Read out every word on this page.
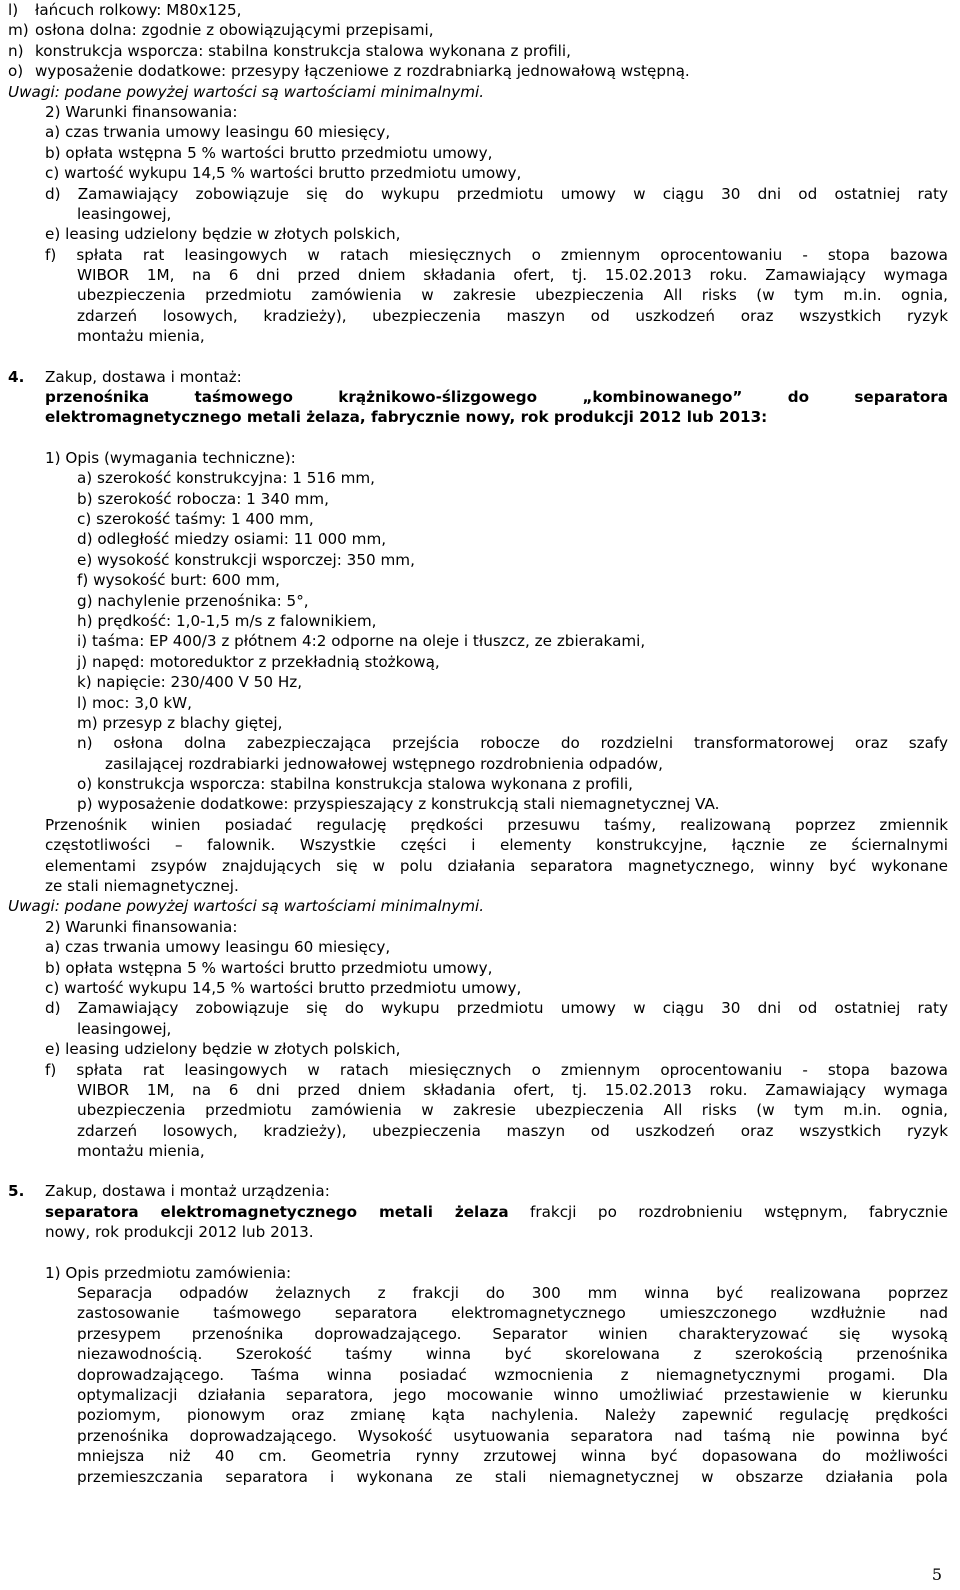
l) łańcuch rolkowy: M80x125,
m) osłona dolna: zgodnie z obowiązującymi przepisami,
n) konstrukcja wsporcza: stabilna konstrukcja stalowa wykonana z profili,
o) wyposażenie dodatkowe: przesypy łączeniowe z rozdrabniarką jednowałową wstępną.
Uwagi: podane powyżej wartości są wartościami minimalnymi.
2) Warunki finansowania:
a) czas trwania umowy leasingu 60 miesięcy,
b) opłata wstępna 5 % wartości brutto przedmiotu umowy,
c) wartość wykupu 14,5 % wartości brutto przedmiotu umowy,
d) Zamawiający zobowiązuje się do wykupu przedmiotu umowy w ciągu 30 dni od ostatniej raty
leasingowej,
e) leasing udzielony będzie w złotych polskich,
f) spłata rat leasingowych w ratach miesięcznych o zmiennym oprocentowaniu - stopa bazowa
WIBOR 1M, na 6 dni przed dniem składania ofert, tj. 15.02.2013 roku. Zamawiający wymaga
ubezpieczenia przedmiotu zamówienia w zakresie ubezpieczenia All risks (w tym m.in. ognia,
zdarzeń losowych, kradzieży), ubezpieczenia maszyn od uszkodzeń oraz wszystkich ryzyk
montażu mienia,
4. Zakup, dostawa i montaż:
przenośnika taśmowego krążnikowo-ślizgowego „kombinowanego” do separatora
elektromagnetycznego metali żelaza, fabrycznie nowy, rok produkcji 2012 lub 2013:
1) Opis (wymagania techniczne):
a) szerokość konstrukcyjna: 1 516 mm,
b) szerokość robocza: 1 340 mm,
c) szerokość taśmy: 1 400 mm,
d) odległość miedzy osiami: 11 000 mm,
e) wysokość konstrukcji wsporczej: 350 mm,
f) wysokość burt: 600 mm,
g) nachylenie przenośnika: 5°,
h) prędkość: 1,0-1,5 m/s z falownikiem,
i) taśma: EP 400/3 z płótnem 4:2 odporne na oleje i tłuszcz, ze zbierakami,
j) napęd: motoreduktor z przekładnią stożkową,
k) napięcie: 230/400 V 50 Hz,
l) moc: 3,0 kW,
m) przesyp z blachy giętej,
n) osłona dolna zabezpieczająca przejścia robocze do rozdzielni transformatorowej oraz szafy
zasilającej rozdrabiarki jednowałowej wstępnego rozdrobnienia odpadów,
o) konstrukcja wsporcza: stabilna konstrukcja stalowa wykonana z profili,
p) wyposażenie dodatkowe: przyspieszający z konstrukcją stali niemagnetycznej VA.
Przenośnik winien posiadać regulację prędkości przesuwu taśmy, realizowaną poprzez zmiennik
częstotliwości – falownik. Wszystkie części i elementy konstrukcyjne, łącznie ze ściernalnymi
elementami zsypów znajdujących się w polu działania separatora magnetycznego, winny być wykonane
ze stali niemagnetycznej.
Uwagi: podane powyżej wartości są wartościami minimalnymi.
2) Warunki finansowania:
a) czas trwania umowy leasingu 60 miesięcy,
b) opłata wstępna 5 % wartości brutto przedmiotu umowy,
c) wartość wykupu 14,5 % wartości brutto przedmiotu umowy,
d) Zamawiający zobowiązuje się do wykupu przedmiotu umowy w ciągu 30 dni od ostatniej raty
leasingowej,
e) leasing udzielony będzie w złotych polskich,
f) spłata rat leasingowych w ratach miesięcznych o zmiennym oprocentowaniu - stopa bazowa
WIBOR 1M, na 6 dni przed dniem składania ofert, tj. 15.02.2013 roku. Zamawiający wymaga
ubezpieczenia przedmiotu zamówienia w zakresie ubezpieczenia All risks (w tym m.in. ognia,
zdarzeń losowych, kradzieży), ubezpieczenia maszyn od uszkodzeń oraz wszystkich ryzyk
montażu mienia,
5. Zakup, dostawa i montaż urządzenia:
separatora elektromagnetycznego metali żelaza frakcji po rozdrobnieniu wstępnym, fabrycznie
nowy, rok produkcji 2012 lub 2013.
1) Opis przedmiotu zamówienia:
Separacja odpadów żelaznych z frakcji do 300 mm winna być realizowana poprzez
zastosowanie taśmowego separatora elektromagnetycznego umieszczonego wzdłużnie nad
przesypem przenośnika doprowadzającego. Separator winien charakteryzować się wysoką
niezawodnością. Szerokość taśmy winna być skorelowana z szerokością przenośnika
doprowadzającego. Taśma winna posiadać wzmocnienia z niemagnetycznymi progami. Dla
optymalizacji działania separatora, jego mocowanie winno umożliwiać przestawienie w kierunku
poziomym, pionowym oraz zmianę kąta nachylenia. Należy zapewnić regulację prędkości
przenośnika doprowadzającego. Wysokość usytuowania separatora nad taśmą nie powinna być
mniejsza niż 40 cm. Geometria rynny zrzutowej winna być dopasowana do możliwości
przemieszczania separatora i wykonana ze stali niemagnetycznej w obszarze działania pola
5
